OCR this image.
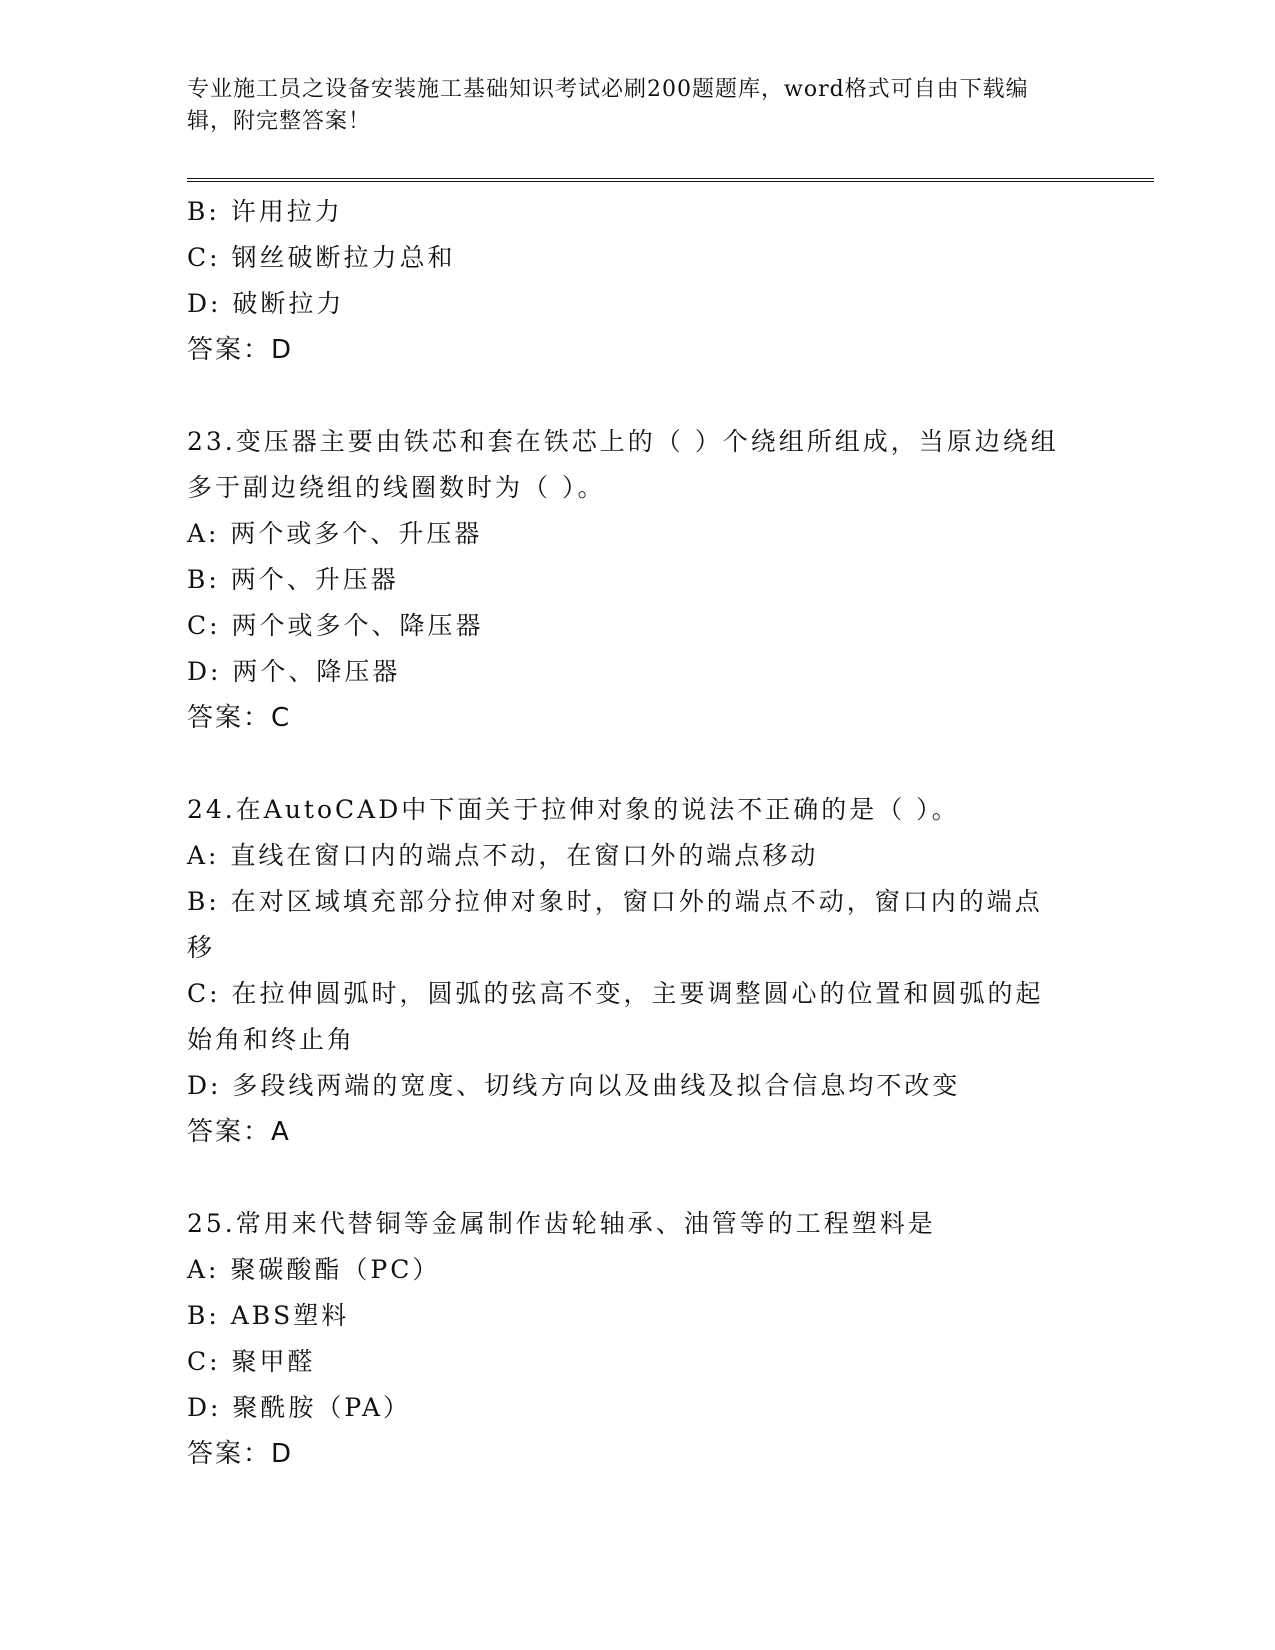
专业施工员之设备安装施工基础知识考试必刷200题题库，word格式可自由下载编辑，附完整答案！
B: 许用拉力
C: 钢丝破断拉力总和
D: 破断拉力
答案：D
23.变压器主要由铁芯和套在铁芯上的（ ）个绕组所组成，当原边绕组多于副边绕组的线圈数时为（ ）。
A: 两个或多个、升压器
B: 两个、升压器
C: 两个或多个、降压器
D: 两个、降压器
答案：C
24.在AutoCAD中下面关于拉伸对象的说法不正确的是（ ）。
A: 直线在窗口内的端点不动，在窗口外的端点移动
B: 在对区域填充部分拉伸对象时，窗口外的端点不动，窗口内的端点移
C: 在拉伸圆弧时，圆弧的弦高不变，主要调整圆心的位置和圆弧的起始角和终止角
D: 多段线两端的宽度、切线方向以及曲线及拟合信息均不改变
答案：A
25.常用来代替铜等金属制作齿轮轴承、油管等的工程塑料是
A: 聚碳酸酯（PC）
B: ABS塑料
C: 聚甲醛
D: 聚酰胺（PA）
答案：D
